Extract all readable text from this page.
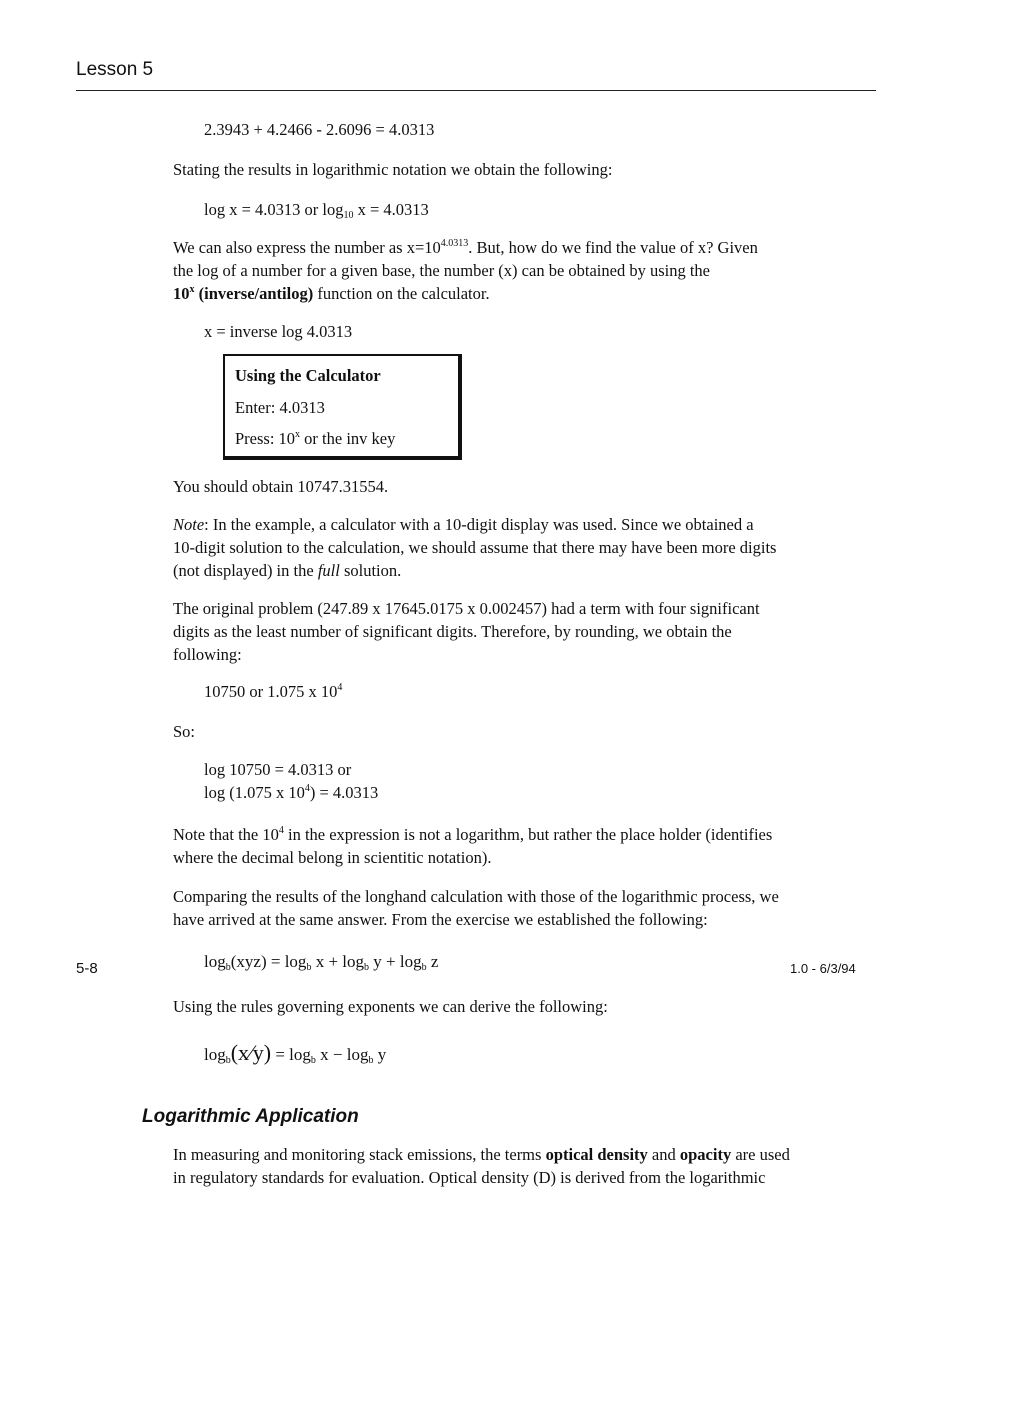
Lesson 5
2.3943 + 4.2466 - 2.6096 = 4.0313
Stating the results in logarithmic notation we obtain the following:
log x = 4.0313 or $\log_{10} x = 4.0313$
We can also express the number as $x=10^{4.0313}$. But, how do we find the value of x? Given
the log of a number for a given base, the number (x) can be obtained by using the
10$^x$ (inverse/antilog) function on the calculator.
x = inverse log 4.0313
Using the Calculator
Enter: 4.0313
Press: 10$^x$ or the inv key
You should obtain 10747.31554.
Note: In the example, a calculator with a 10-digit display was used. Since we obtained a
10-digit solution to the calculation, we should assume that there may have been more digits
(not displayed) in the full solution.
The original problem (247.89 x 17645.0175 x 0.002457) had a term with four significant
digits as the least number of significant digits. Therefore, by rounding, we obtain the
following:
10750 or 1.075 x $10^4$
So:
log 10750 = 4.0313 or
log (1.075 x $10^4) = 4.0313$
Note that the $10^4$ in the expression is not a logarithm, but rather the place holder (identifies
where the decimal belong in scientitic notation).
Comparing the results of the longhand calculation with those of the logarithmic process, we
have arrived at the same answer. From the exercise we established the following:
$\log_b(xyz) = \log_b x + \log_b y + \log_b z$
Using the rules governing exponents we can derive the following:
$\log_b(x⁄y) = \log_b x - \log_b y$
Logarithmic Application
In measuring and monitoring stack emissions, the terms optical density and opacity are used
in regulatory standards for evaluation. Optical density (D) is derived from the logarithmic
5-8	1.0 - 6/3/94
